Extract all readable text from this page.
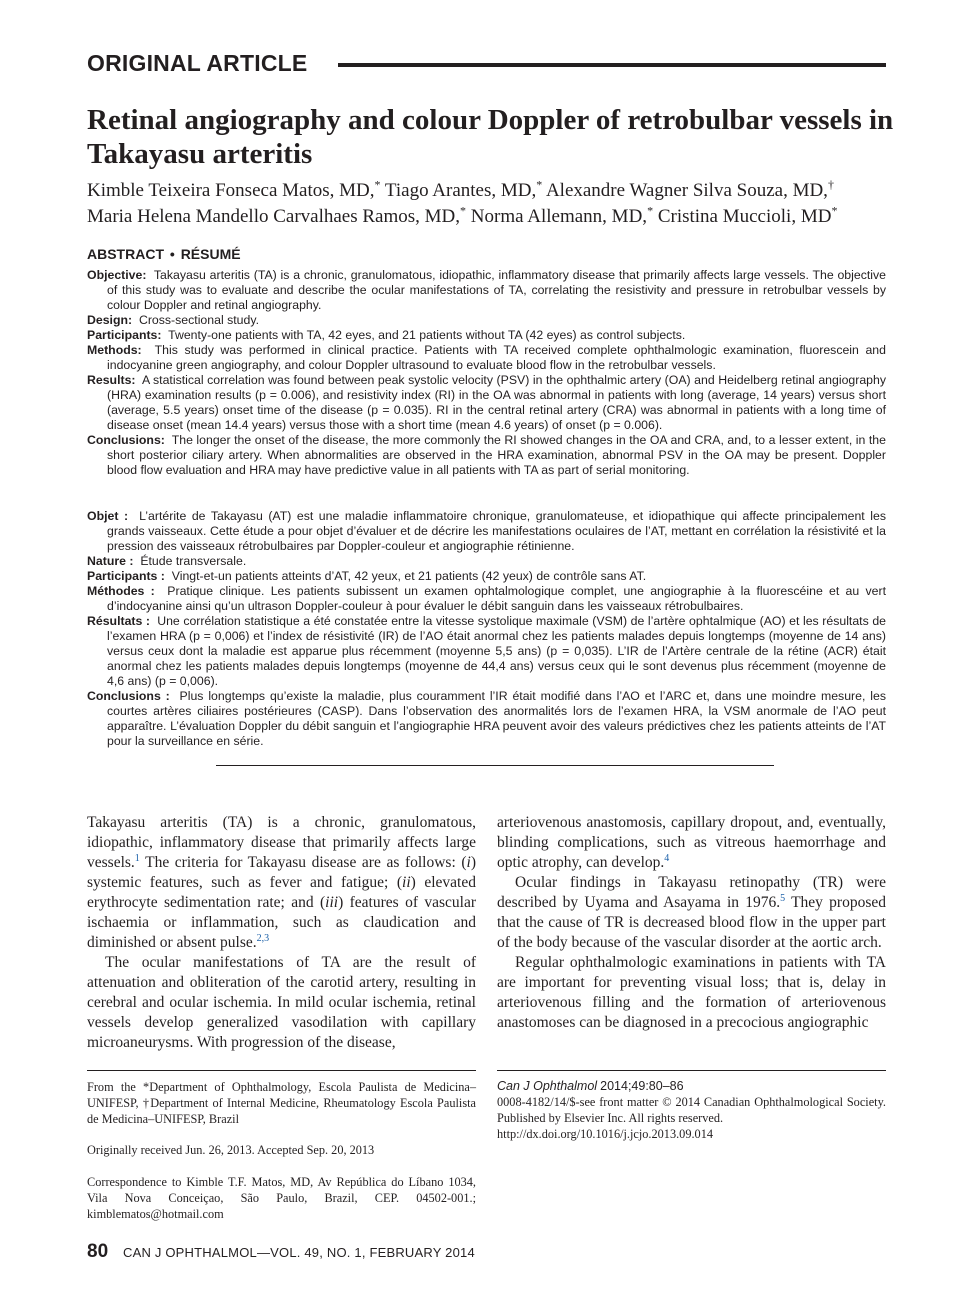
ORIGINAL ARTICLE
Retinal angiography and colour Doppler of retrobulbar vessels in Takayasu arteritis
Kimble Teixeira Fonseca Matos, MD,* Tiago Arantes, MD,* Alexandre Wagner Silva Souza, MD,†
Maria Helena Mandello Carvalhaes Ramos, MD,* Norma Allemann, MD,* Cristina Muccioli, MD*
ABSTRACT • RÉSUMÉ

Objective: Takayasu arteritis (TA) is a chronic, granulomatous, idiopathic, inflammatory disease that primarily affects large vessels. The objective of this study was to evaluate and describe the ocular manifestations of TA, correlating the resistivity and pressure in retrobulbar vessels by colour Doppler and retinal angiography.

Design: Cross-sectional study.

Participants: Twenty-one patients with TA, 42 eyes, and 21 patients without TA (42 eyes) as control subjects.

Methods: This study was performed in clinical practice. Patients with TA received complete ophthalmologic examination, fluorescein and indocyanine green angiography, and colour Doppler ultrasound to evaluate blood flow in the retrobulbar vessels.

Results: A statistical correlation was found between peak systolic velocity (PSV) in the ophthalmic artery (OA) and Heidelberg retinal angiography (HRA) examination results (p = 0.006), and resistivity index (RI) in the OA was abnormal in patients with long (average, 14 years) versus short (average, 5.5 years) onset time of the disease (p = 0.035). RI in the central retinal artery (CRA) was abnormal in patients with a long time of disease onset (mean 14.4 years) versus those with a short time (mean 4.6 years) of onset (p = 0.006).

Conclusions: The longer the onset of the disease, the more commonly the RI showed changes in the OA and CRA, and, to a lesser extent, in the short posterior ciliary artery. When abnormalities are observed in the HRA examination, abnormal PSV in the OA may be present. Doppler blood flow evaluation and HRA may have predictive value in all patients with TA as part of serial monitoring.

Objet : L’artérite de Takayasu (AT) est une maladie inflammatoire chronique, granulomateuse, et idiopathique qui affecte principalement les grands vaisseaux. Cette étude a pour objet d’évaluer et de décrire les manifestations oculaires de l’AT, mettant en corrélation la résistivité et la pression des vaisseaux rétrobulbaires par Doppler-couleur et angiographie rétinienne.

Nature : Étude transversale.

Participants : Vingt-et-un patients atteints d’AT, 42 yeux, et 21 patients (42 yeux) de contrôle sans AT.

Méthodes : Pratique clinique. Les patients subissent un examen ophtalmologique complet, une angiographie à la fluorescéine et au vert d’indocyanine ainsi qu’un ultrason Doppler-couleur à pour évaluer le débit sanguin dans les vaisseaux rétrobulbaires.

Résultats : Une corrélation statistique a été constatée entre la vitesse systolique maximale (VSM) de l’artère ophtalmique (AO) et les résultats de l’examen HRA (p = 0,006) et l’index de résistivité (IR) de l’AO était anormal chez les patients malades depuis longtemps (moyenne de 14 ans) versus ceux dont la maladie est apparue plus récemment (moyenne 5,5 ans) (p = 0,035). L’IR de l’Artère centrale de la rétine (ACR) était anormal chez les patients malades depuis longtemps (moyenne de 44,4 ans) versus ceux qui le sont devenus plus récemment (moyenne de 4,6 ans) (p = 0,006).

Conclusions : Plus longtemps qu’existe la maladie, plus couramment l’IR était modifié dans l’AO et l’ARC et, dans une moindre mesure, les courtes artères ciliaires postérieures (CASP). Dans l’observation des anormalités lors de l’examen HRA, la VSM anormale de l’AO peut apparaître. L’évaluation Doppler du débit sanguin et l’angiographie HRA peuvent avoir des valeurs prédictives chez les patients atteints de l’AT pour la surveillance en série.

Takayasu arteritis (TA) is a chronic, granulomatous, idiopathic, inflammatory disease that primarily affects large vessels.$^1$ The criteria for Takayasu disease are as follows: (i) systemic features, such as fever and fatigue; (ii) elevated erythrocyte sedimentation rate; and (iii) features of vascular ischaemia or inflammation, such as claudication and diminished or absent pulse.$^{2,3}$

The ocular manifestations of TA are the result of attenuation and obliteration of the carotid artery, resulting in cerebral and ocular ischemia. In mild ocular ischemia, retinal vessels develop generalized vasodilation with capillary microaneurysms. With progression of the disease,

arteriovenous anastomosis, capillary dropout, and, eventually, blinding complications, such as vitreous haemorrhage and optic atrophy, can develop.$^4$

Ocular findings in Takayasu retinopathy (TR) were described by Uyama and Asayama in 1976.$^5$ They proposed that the cause of TR is decreased blood flow in the upper part of the body because of the vascular disorder at the aortic arch.

Regular ophthalmologic examinations in patients with TA are important for preventing visual loss; that is, delay in arteriovenous filling and the formation of arteriovenous anastomoses can be diagnosed in a precocious angiographic

From the *Department of Ophthalmology, Escola Paulista de Medicina–UNIFESP, †Department of Internal Medicine, Rheumatology Escola Paulista de Medicina–UNIFESP, Brazil

Originally received Jun. 26, 2013. Accepted Sep. 20, 2013

Correspondence to Kimble T.F. Matos, MD, Av República do Líbano 1034, Vila Nova Conceiçao, São Paulo, Brazil, CEP. 04502-001.; kimblematos@hotmail.com

Can J Ophthalmol 2014;49:80–86
0008-4182/14/$-see front matter © 2014 Canadian Ophthalmological Society. Published by Elsevier Inc. All rights reserved.
http://dx.doi.org/10.1016/j.jcjo.2013.09.014
80 CAN J OPHTHALMOL—VOL. 49, NO. 1, FEBRUARY 2014
